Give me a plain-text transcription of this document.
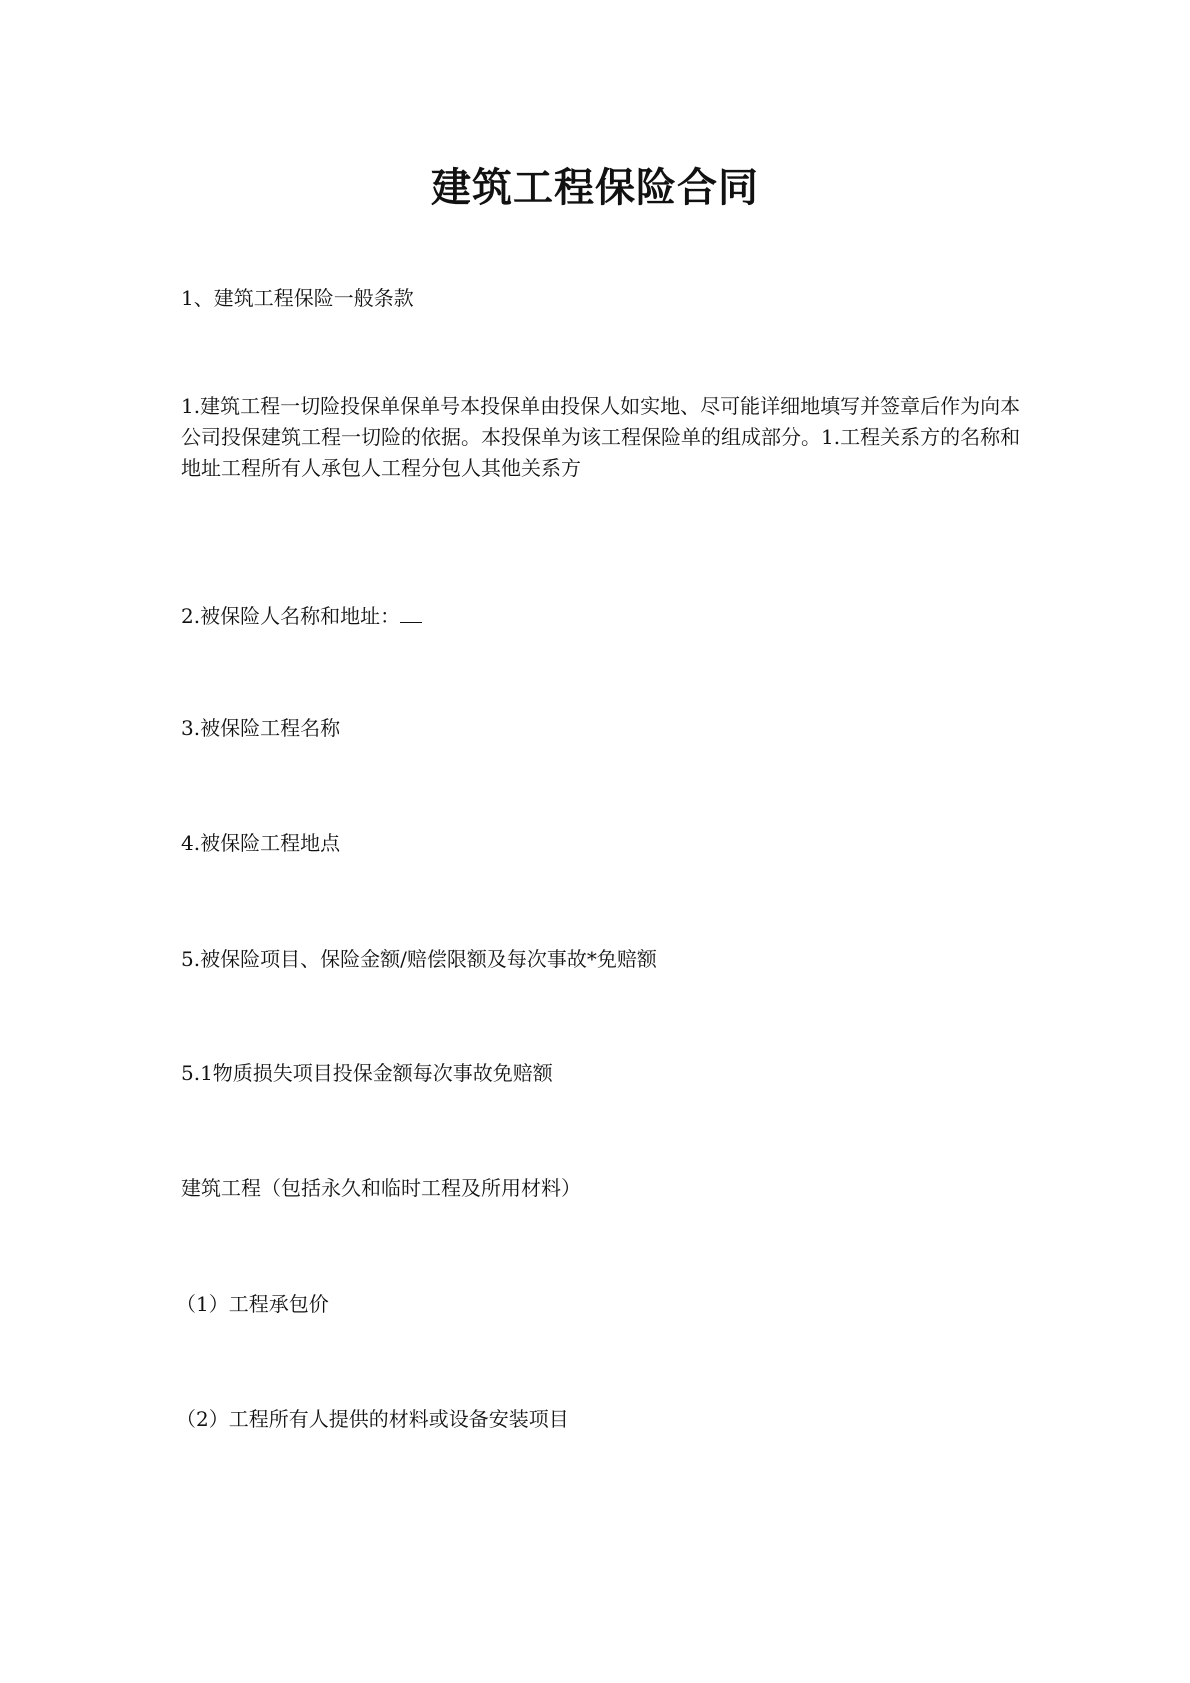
建筑工程保险合同

1、建筑工程保险一般条款

1.建筑工程一切险投保单保单号本投保单由投保人如实地、尽可能详细地填写并签章后作为向本公司投保建筑工程一切险的依据。本投保单为该工程保险单的组成部分。1.工程关系方的名称和地址工程所有人承包人工程分包人其他关系方

2.被保险人名称和地址：

3.被保险工程名称

4.被保险工程地点

5.被保险项目、保险金额/赔偿限额及每次事故*免赔额

5.1物质损失项目投保金额每次事故免赔额

建筑工程（包括永久和临时工程及所用材料）

（1）工程承包价

（2）工程所有人提供的材料或设备安装项目
